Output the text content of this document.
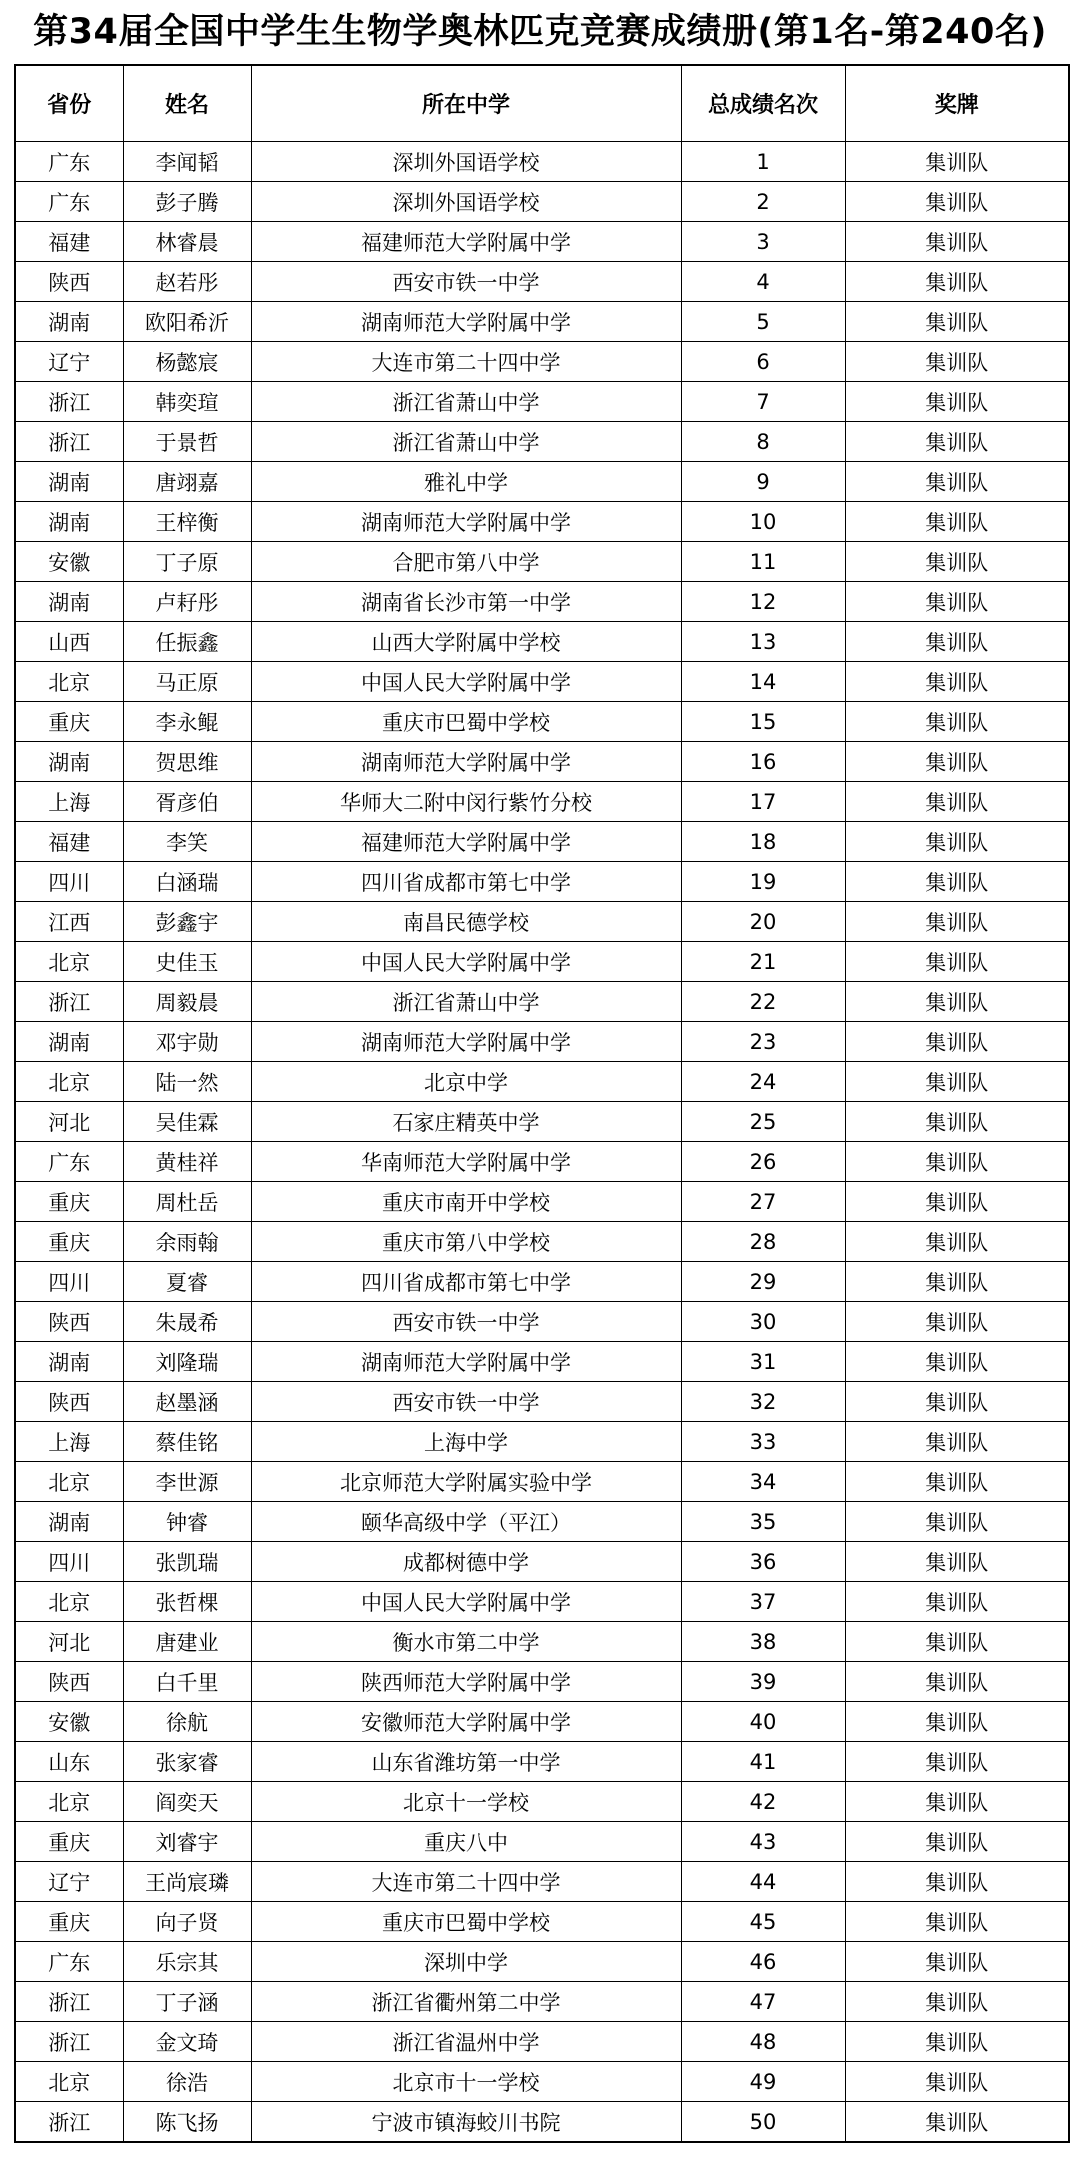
第34届全国中学生生物学奥林匹克竞赛成绩册(第1名-第240名)
省份	姓名	所在中学	总成绩名次	奖牌
广东	李闻韬	深圳外国语学校	1	集训队
广东	彭子腾	深圳外国语学校	2	集训队
福建	林睿晨	福建师范大学附属中学	3	集训队
陕西	赵若彤	西安市铁一中学	4	集训队
湖南	欧阳希沂	湖南师范大学附属中学	5	集训队
辽宁	杨懿宸	大连市第二十四中学	6	集训队
浙江	韩奕瑄	浙江省萧山中学	7	集训队
浙江	于景哲	浙江省萧山中学	8	集训队
湖南	唐翊嘉	雅礼中学	9	集训队
湖南	王梓衡	湖南师范大学附属中学	10	集训队
安徽	丁子原	合肥市第八中学	11	集训队
湖南	卢耔彤	湖南省长沙市第一中学	12	集训队
山西	任振鑫	山西大学附属中学校	13	集训队
北京	马正原	中国人民大学附属中学	14	集训队
重庆	李永鲲	重庆市巴蜀中学校	15	集训队
湖南	贺思维	湖南师范大学附属中学	16	集训队
上海	胥彦伯	华师大二附中闵行紫竹分校	17	集训队
福建	李笑	福建师范大学附属中学	18	集训队
四川	白涵瑞	四川省成都市第七中学	19	集训队
江西	彭鑫宇	南昌民德学校	20	集训队
北京	史佳玉	中国人民大学附属中学	21	集训队
浙江	周毅晨	浙江省萧山中学	22	集训队
湖南	邓宇勋	湖南师范大学附属中学	23	集训队
北京	陆一然	北京中学	24	集训队
河北	吴佳霖	石家庄精英中学	25	集训队
广东	黄桂祥	华南师范大学附属中学	26	集训队
重庆	周杜岳	重庆市南开中学校	27	集训队
重庆	余雨翰	重庆市第八中学校	28	集训队
四川	夏睿	四川省成都市第七中学	29	集训队
陕西	朱晟希	西安市铁一中学	30	集训队
湖南	刘隆瑞	湖南师范大学附属中学	31	集训队
陕西	赵墨涵	西安市铁一中学	32	集训队
上海	蔡佳铭	上海中学	33	集训队
北京	李世源	北京师范大学附属实验中学	34	集训队
湖南	钟睿	颐华高级中学（平江）	35	集训队
四川	张凯瑞	成都树德中学	36	集训队
北京	张哲棵	中国人民大学附属中学	37	集训队
河北	唐建业	衡水市第二中学	38	集训队
陕西	白千里	陕西师范大学附属中学	39	集训队
安徽	徐航	安徽师范大学附属中学	40	集训队
山东	张家睿	山东省潍坊第一中学	41	集训队
北京	阎奕天	北京十一学校	42	集训队
重庆	刘睿宇	重庆八中	43	集训队
辽宁	王尚宸璘	大连市第二十四中学	44	集训队
重庆	向子贤	重庆市巴蜀中学校	45	集训队
广东	乐宗其	深圳中学	46	集训队
浙江	丁子涵	浙江省衢州第二中学	47	集训队
浙江	金文琦	浙江省温州中学	48	集训队
北京	徐浩	北京市十一学校	49	集训队
浙江	陈飞扬	宁波市镇海蛟川书院	50	集训队
